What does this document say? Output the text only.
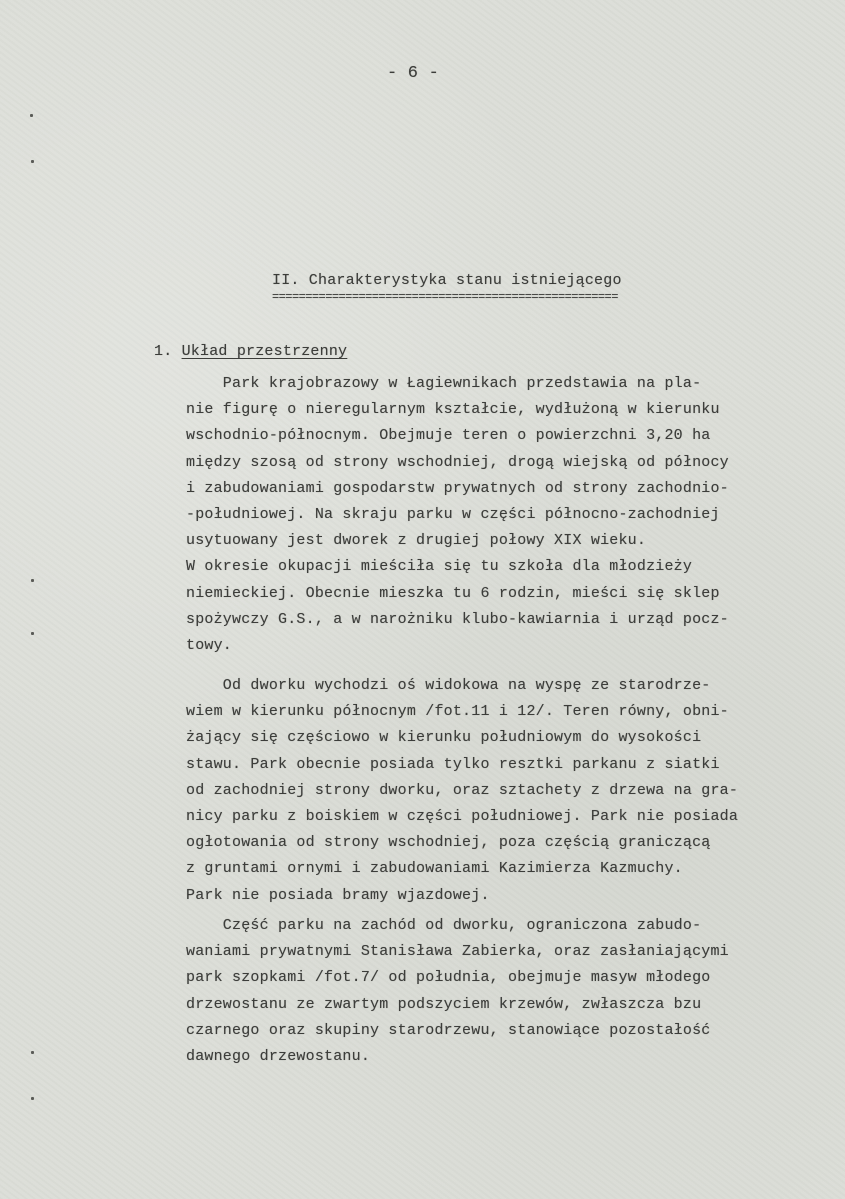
- 6 -
II. Charakterystyka stanu istniejącego
====================================================
1. Układ przestrzenny
Park krajobrazowy w Łagiewnikach przedstawia na pla-
nie figurę o nieregularnym kształcie, wydłużoną w kierunku
wschodnio-północnym. Obejmuje teren o powierzchni 3,20 ha
między szosą od strony wschodniej, drogą wiejską od północy
i zabudowaniami gospodarstw prywatnych od strony zachodnio-
-południowej. Na skraju parku w części północno-zachodniej
usytuowany jest dworek z drugiej połowy XIX wieku.
W okresie okupacji mieściła się tu szkoła dla młodzieży
niemieckiej. Obecnie mieszka tu 6 rodzin, mieści się sklep
spożywczy G.S., a w narożniku klubo-kawiarnia i urząd pocz-
towy.
Od dworku wychodzi oś widokowa na wyspę ze starodrze-
wiem w kierunku północnym /fot.11 i 12/. Teren równy, obni-
żający się częściowo w kierunku południowym do wysokości
stawu. Park obecnie posiada tylko resztki parkanu z siatki
od zachodniej strony dworku, oraz sztachety z drzewa na gra-
nicy parku z boiskiem w części południowej. Park nie posiada
ogłotowania od strony wschodniej, poza częścią graniczącą
z gruntami ornymi i zabudowaniami Kazimierza Kazmuchy.
Park nie posiada bramy wjazdowej.
Część parku na zachód od dworku, ograniczona zabudo-
waniami prywatnymi Stanisława Zabierka, oraz zasłaniającymi
park szopkami /fot.7/ od południa, obejmuje masyw młodego
drzewostanu ze zwartym podszyciem krzewów, zwłaszcza bzu
czarnego oraz skupiny starodrzewu, stanowiące pozostałość
dawnego drzewostanu.
